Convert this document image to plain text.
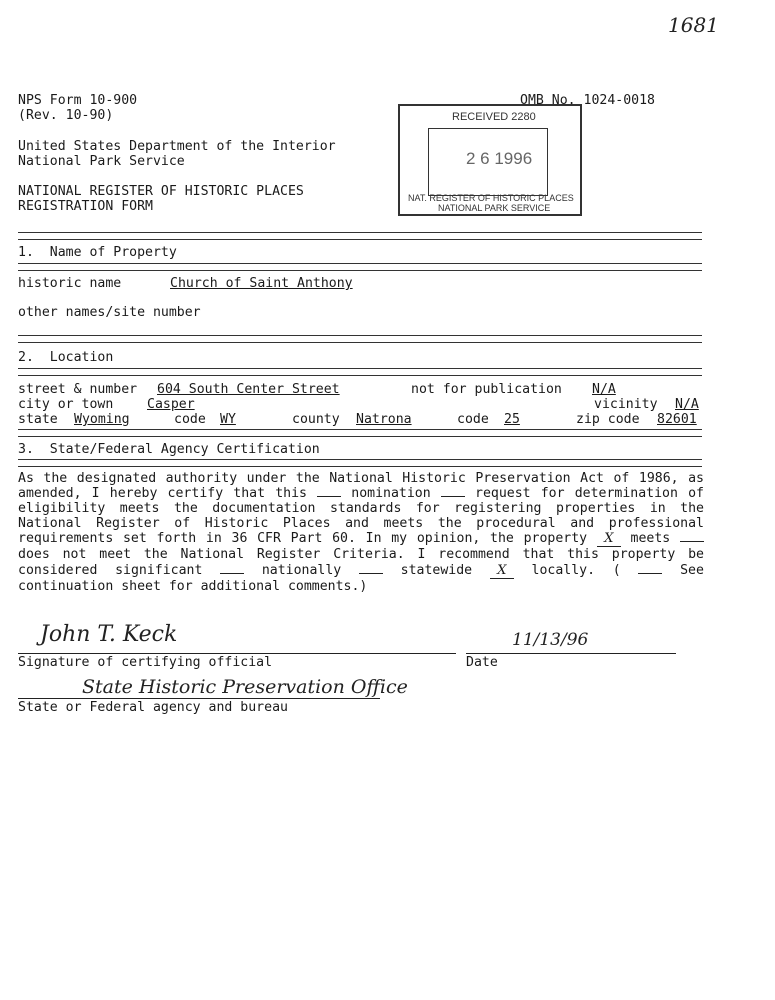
1681
NPS Form 10-900
(Rev. 10-90)
OMB No. 1024-0018
United States Department of the Interior
National Park Service
NATIONAL REGISTER OF HISTORIC PLACES
REGISTRATION FORM
RECEIVED 2280
2 6 1996
NAT. REGISTER OF HISTORIC PLACES
NATIONAL PARK SERVICE
1.  Name of Property
historic name	Church of Saint Anthony
other names/site number
2.  Location
street & number 604 South Center Street	not for publication N/A
city or town	Casper	vicinity N/A
state Wyoming	code WY	county Natrona	code 25	zip code 82601
3.  State/Federal Agency Certification

As the designated authority under the National Historic Preservation Act of 1986, as amended, I hereby certify that this	nomination	request for determination of eligibility meets the documentation standards for registering properties in the National Register of Historic Places and meets the procedural and professional requirements set forth in 36 CFR Part 60. In my opinion, the property X meets  does not meet the National Register Criteria. I recommend that this property be considered significant	nationally	statewide X locally. (	See continuation sheet for additional comments.)

John T. Keck
Signature of certifying official
11/13/96
Date
State Historic Preservation Office
State or Federal agency and bureau
